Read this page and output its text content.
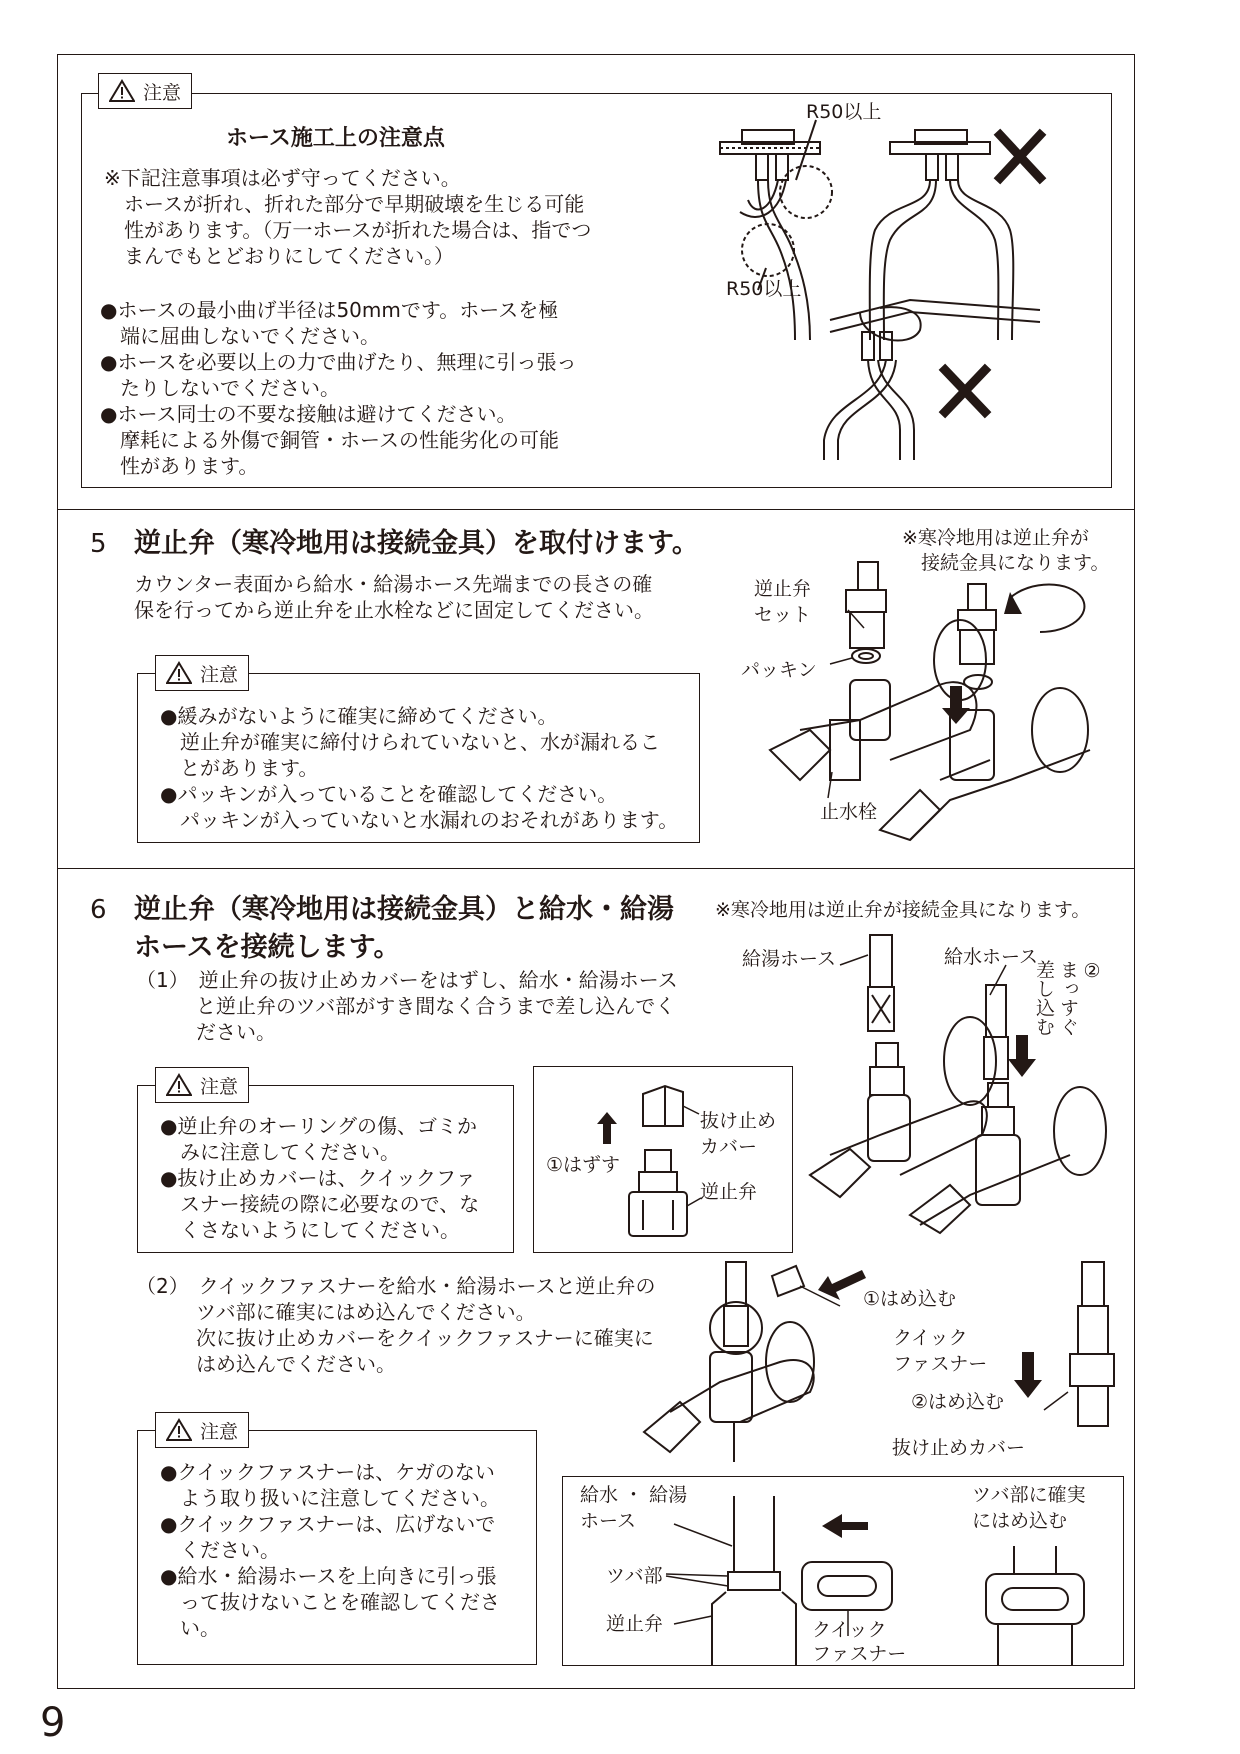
注意
ホース施工上の注意点
※下記注意事項は必ず守ってください。
　ホースが折れ、折れた部分で早期破壊を生じる可能
　性があります。（万一ホースが折れた場合は、指でつ
　まんでもとどおりにしてください。）
●ホースの最小曲げ半径は50mmです。ホースを極
　端に屈曲しないでください。
●ホースを必要以上の力で曲げたり、無理に引っ張っ
　たりしないでください。
●ホース同士の不要な接触は避けてください。
　摩耗による外傷で銅管・ホースの性能劣化の可能
　性があります。
R50以上
R50以上
5 逆止弁（寒冷地用は接続金具）を取付けます。
カウンター表面から給水・給湯ホース先端までの長さの確
保を行ってから逆止弁を止水栓などに固定してください。
※寒冷地用は逆止弁が
　接続金具になります。
注意
●緩みがないように確実に締めてください。
　逆止弁が確実に締付けられていないと、水が漏れるこ
　とがあります。
●パッキンが入っていることを確認してください。
　パッキンが入っていないと水漏れのおそれがあります。
逆止弁
セット
パッキン
止水栓
6 逆止弁（寒冷地用は接続金具）と給水・給湯
ホースを接続します。
※寒冷地用は逆止弁が接続金具になります。
（1）　逆止弁の抜け止めカバーをはずし、給水・給湯ホース
　　　と逆止弁のツバ部がすき間なく合うまで差し込んでく
　　　ださい。
注意
●逆止弁のオーリングの傷、ゴミか
　みに注意してください。
●抜け止めカバーは、クイックファ
　スナー接続の際に必要なので、な
　くさないようにしてください。
①はずす
抜け止め
カバー
逆止弁
給湯ホース	給水ホース
②
まっすぐ
差し込む
（2）　クイックファスナーを給水・給湯ホースと逆止弁の
　　　ツバ部に確実にはめ込んでください。
　　　次に抜け止めカバーをクイックファスナーに確実に
　　　はめ込んでください。
注意
●クイックファスナーは、ケガのない
　よう取り扱いに注意してください。
●クイックファスナーは、広げないで
　ください。
●給水・給湯ホースを上向きに引っ張
　って抜けないことを確認してくださ
　い。
①はめ込む
クイック
ファスナー
②はめ込む
抜け止めカバー
給水 ・ 給湯
ホース
ツバ部
逆止弁	クイック
ファスナー
ツバ部に確実
にはめ込む
9
